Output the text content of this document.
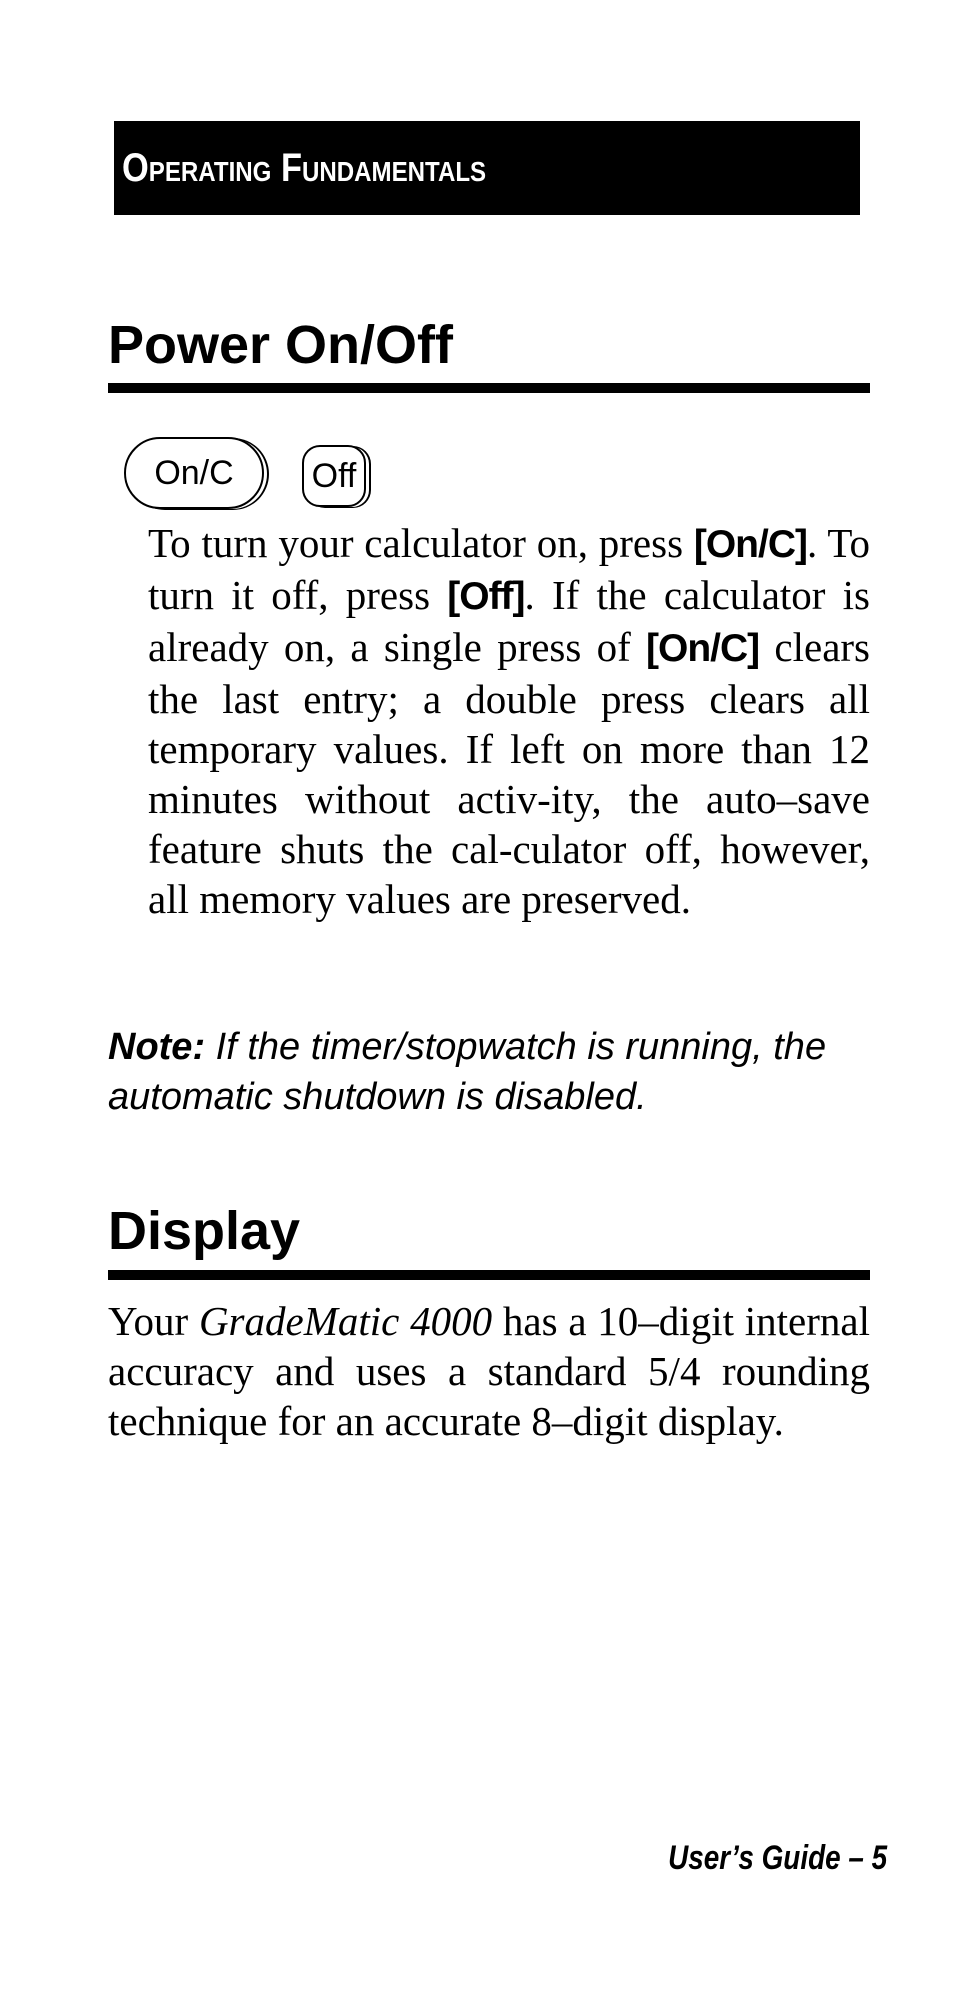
Operating Fundamentals
Power On/Off
On/C Off
To turn your calculator on, press [On/C]. To turn it off, press [Off]. If the calculator is already on, a single press of [On/C] clears the last entry; a double press clears all temporary values. If left on more than 12 minutes without activ-ity, the auto–save feature shuts the cal-culator off, however, all memory values are preserved.
Note: If the timer/stopwatch is running, the automatic shutdown is disabled.
Display
Your GradeMatic 4000 has a 10–digit internal accuracy and uses a standard 5/4 rounding technique for an accurate 8–digit display.
User’s Guide – 5
